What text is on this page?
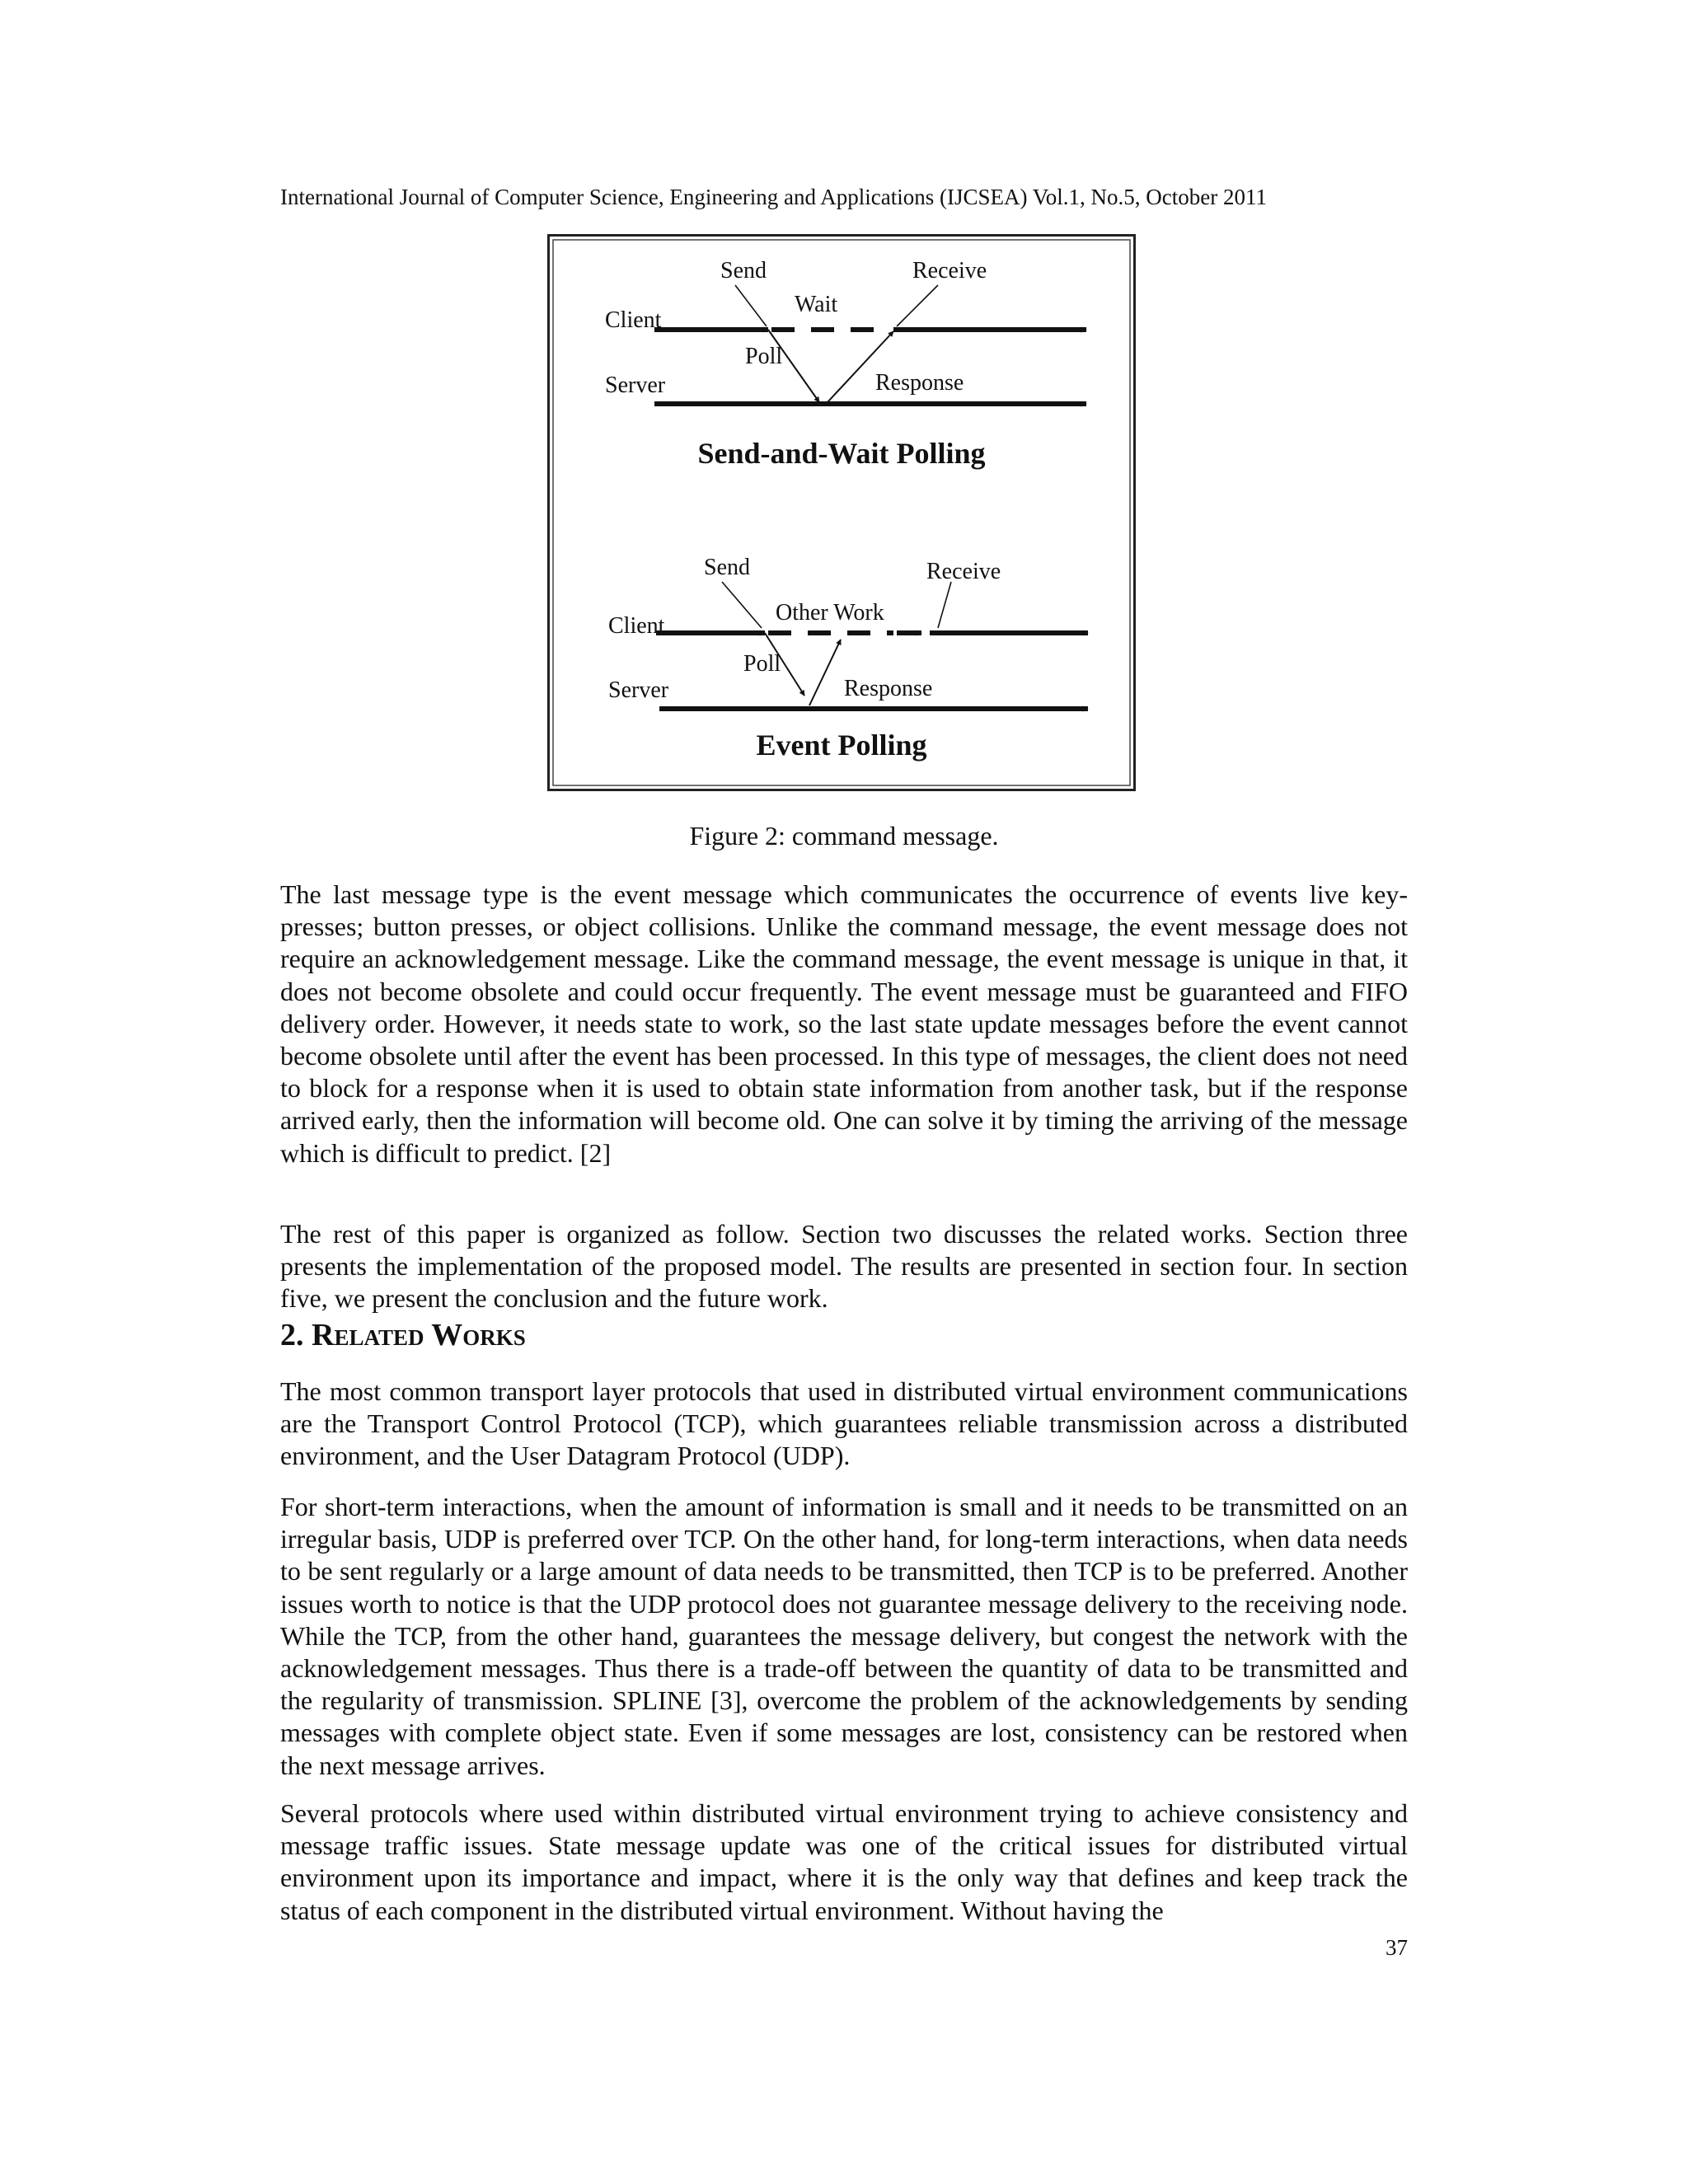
International Journal of Computer Science, Engineering and Applications (IJCSEA) Vol.1, No.5, October 2011
Client
Server
Send
Wait
Receive
Poll
Response
Send-and-Wait Polling
Client
Server
Send
Other Work
Receive
Poll
Response
Event Polling
Figure 2: command message.

The last message type is the event message which communicates the occurrence of events live key-presses; button presses, or object collisions. Unlike the command message, the event message does not require an acknowledgement message. Like the command message, the event message is unique in that, it does not become obsolete and could occur frequently. The event message must be guaranteed and FIFO delivery order. However, it needs state to work, so the last state update messages before the event cannot become obsolete until after the event has been processed. In this type of messages, the client does not need to block for a response when it is used to obtain state information from another task, but if the response arrived early, then the information will become old. One can solve it by timing the arriving of the message which is difficult to predict. [2]

The rest of this paper is organized as follow. Section two discusses the related works. Section three presents the implementation of the proposed model. The results are presented in section four. In section five, we present the conclusion and the future work.

2. Related Works

The most common transport layer protocols that used in distributed virtual environment communications are the Transport Control Protocol (TCP), which guarantees reliable transmission across a distributed environment, and the User Datagram Protocol (UDP).

For short-term interactions, when the amount of information is small and it needs to be transmitted on an irregular basis, UDP is preferred over TCP. On the other hand, for long-term interactions, when data needs to be sent regularly or a large amount of data needs to be transmitted, then TCP is to be preferred. Another issues worth to notice is that the UDP protocol does not guarantee message delivery to the receiving node. While the TCP, from the other hand, guarantees the message delivery, but congest the network with the acknowledgement messages. Thus there is a trade-off between the quantity of data to be transmitted and the regularity of transmission. SPLINE [3], overcome the problem of the acknowledgements by sending messages with complete object state. Even if some messages are lost, consistency can be restored when the next message arrives.

Several protocols where used within distributed virtual environment trying to achieve consistency and message traffic issues. State message update was one of the critical issues for distributed virtual environment upon its importance and impact, where it is the only way that defines and keep track the status of each component in the distributed virtual environment. Without having the

37
